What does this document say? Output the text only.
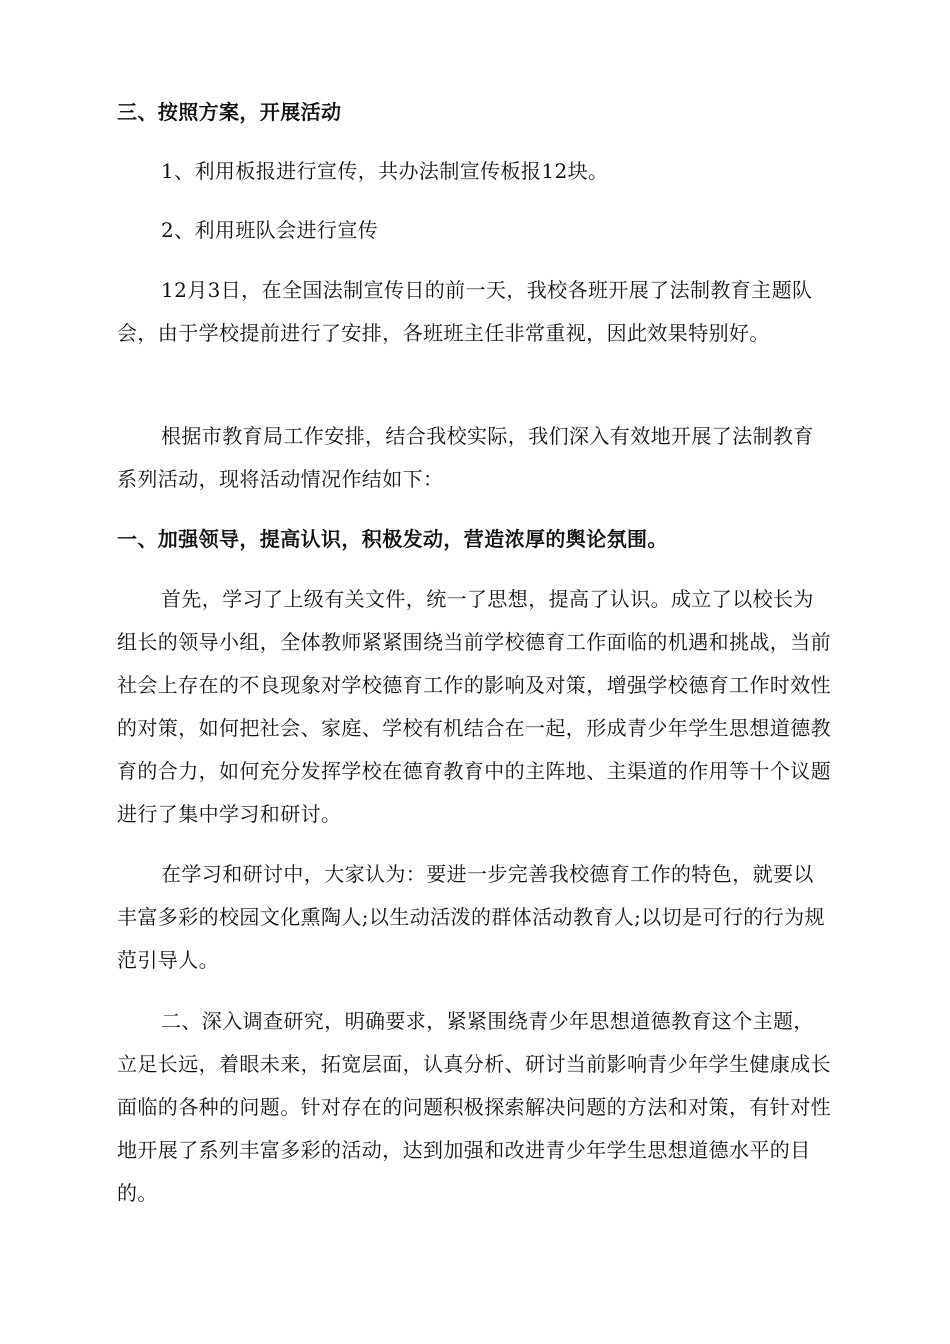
三、按照方案，开展活动

1、利用板报进行宣传，共办法制宣传板报12块。

2、利用班队会进行宣传

12月3日，在全国法制宣传日的前一天，我校各班开展了法制教育主题队会，由于学校提前进行了安排，各班班主任非常重视，因此效果特别好。

根据市教育局工作安排，结合我校实际，我们深入有效地开展了法制教育系列活动，现将活动情况作结如下：

一、加强领导，提高认识，积极发动，营造浓厚的舆论氛围。

首先，学习了上级有关文件，统一了思想，提高了认识。成立了以校长为组长的领导小组，全体教师紧紧围绕当前学校德育工作面临的机遇和挑战，当前社会上存在的不良现象对学校德育工作的影响及对策，增强学校德育工作时效性的对策，如何把社会、家庭、学校有机结合在一起，形成青少年学生思想道德教育的合力，如何充分发挥学校在德育教育中的主阵地、主渠道的作用等十个议题进行了集中学习和研讨。

在学习和研讨中，大家认为：要进一步完善我校德育工作的特色，就要以丰富多彩的校园文化熏陶人;以生动活泼的群体活动教育人;以切是可行的行为规范引导人。

二、深入调查研究，明确要求，紧紧围绕青少年思想道德教育这个主题，立足长远，着眼未来，拓宽层面，认真分析、研讨当前影响青少年学生健康成长面临的各种的问题。针对存在的问题积极探索解决问题的方法和对策，有针对性地开展了系列丰富多彩的活动，达到加强和改进青少年学生思想道德水平的目的。
